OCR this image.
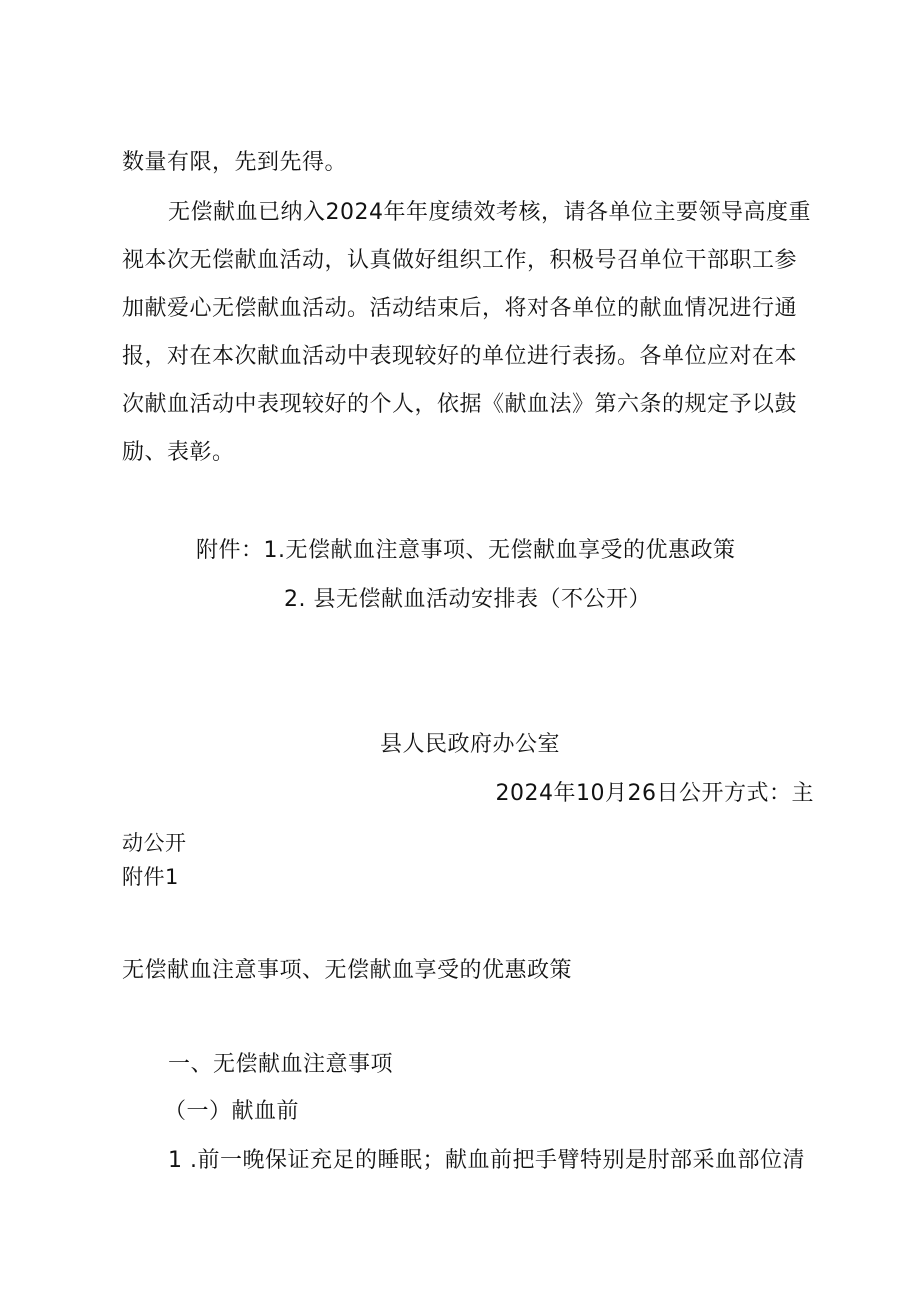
数量有限，先到先得。
无偿献血已纳入2024年年度绩效考核，请各单位主要领导高度重
视本次无偿献血活动，认真做好组织工作，积极号召单位干部职工参
加献爱心无偿献血活动。活动结束后，将对各单位的献血情况进行通
报，对在本次献血活动中表现较好的单位进行表扬。各单位应对在本
次献血活动中表现较好的个人，依据《献血法》第六条的规定予以鼓
励、表彰。
附件：1.无偿献血注意事项、无偿献血享受的优惠政策
2. 县无偿献血活动安排表（不公开）
县人民政府办公室
2024年10月26日公开方式：主
动公开
附件1
无偿献血注意事项、无偿献血享受的优惠政策
一、无偿献血注意事项
（一）献血前
1 .前一晚保证充足的睡眠；献血前把手臂特别是肘部采血部位清
